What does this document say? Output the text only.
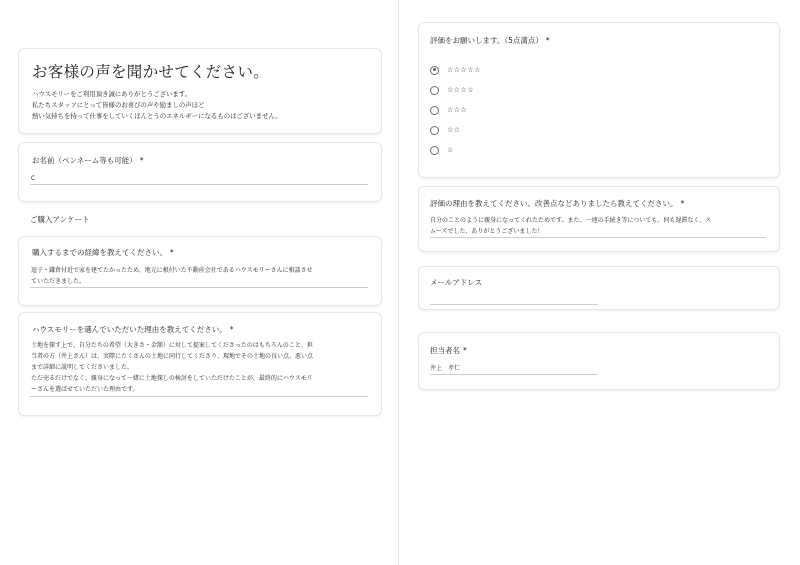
お客様の声を聞かせてください。
ハウスモリーをご利用頂き誠にありがとうございます。
私たちスタッフにとって皆様のお喜びの声や励ましの声ほど
熱い気持ちを持って仕事をしていくほんとうのエネルギーになるものはございません。
お名前（ペンネーム等も可能） *
C
ご購入アンケート
購入するまでの経緯を教えてください。 *
逗子・鎌倉付近で家を建てたかったため、地元に根付いた不動産会社であるハウスモリーさんに相談させ
ていただきました。
ハウスモリーを選んでいただいた理由を教えてください。 *
土地を探す上で、自分たちの希望（大きさ・金額）に対して提案してくださったのはもちろんのこと、担
当者の方（井上さん）は、実際にたくさんの土地に同行してくださり、現地でその土地の良い点、悪い点
まで詳細に説明してくださいました。
ただ売るだけでなく、親身になって一緒に土地探しの検討をしていただけたことが、最終的にハウスモリ
ーさんを選ばせていただいた理由です。
評価をお願いします。（5点満点） *
☆☆☆☆☆
☆☆☆☆
☆☆☆
☆☆
☆
評価の理由を教えてください。改善点などありましたら教えてください。 *
自分のことのように親身になってくれたためです。また、一連の手続き等についても、何も遅滞なく、ス
ムーズでした、ありがとうございました！
メールアドレス
担当者名 *
井上　孝仁
